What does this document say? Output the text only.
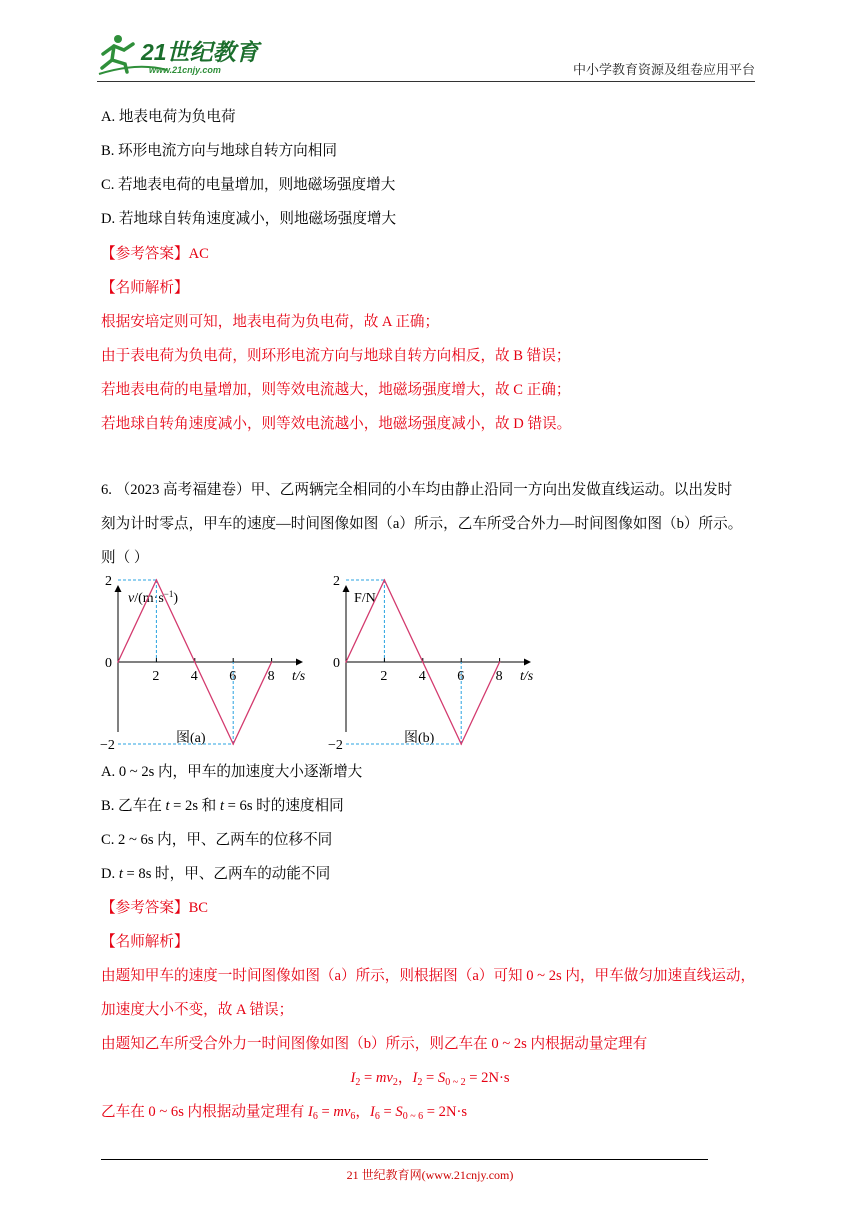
21世纪教育
www.21cnjy.com	中小学教育资源及组卷应用平台
A. 地表电荷为负电荷
B. 环形电流方向与地球自转方向相同
C. 若地表电荷的电量增加，则地磁场强度增大
D. 若地球自转角速度减小，则地磁场强度增大
【参考答案】AC
【名师解析】
根据安培定则可知，地表电荷为负电荷，故 A 正确；
由于表电荷为负电荷，则环形电流方向与地球自转方向相反，故 B 错误；
若地表电荷的电量增加，则等效电流越大，地磁场强度增大，故 C 正确；
若地球自转角速度减小，则等效电流越小，地磁场强度减小，故 D 错误。
6. （2023 高考福建卷）甲、乙两辆完全相同的小车均由静止沿同一方向出发做直线运动。以出发时
刻为计时零点，甲车的速度—时间图像如图（a）所示，乙车所受合外力—时间图像如图（b）所示。
则（ ）
$v/(m\cdot s^{-1})$
t/s
图(a)
2 4 6 8
2
0
−2
F/N
t/s
图(b)
2 4 6 8
2
0
−2
A. 0 ~ 2s 内，甲车的加速度大小逐渐增大
B. 乙车在 t = 2s 和 t = 6s 时的速度相同
C. 2 ~ 6s 内，甲、乙两车的位移不同
D. t = 8s 时，甲、乙两车的动能不同
【参考答案】BC
【名师解析】
由题知甲车的速度一时间图像如图（a）所示，则根据图（a）可知 0 ~ 2s 内，甲车做匀加速直线运动，
加速度大小不变，故 A 错误；
由题知乙车所受合外力一时间图像如图（b）所示，则乙车在 0 ~ 2s 内根据动量定理有
$I_2 = mv_2$，$I_2 = S_{0 \sim 2} = 2N\cdot s$
乙车在 0 ~ 6s 内根据动量定理有 $I_6 = mv_6$，$I_6 = S_{0 \sim 6} = 2N\cdot s$
21 世纪教育网(www.21cnjy.com)
